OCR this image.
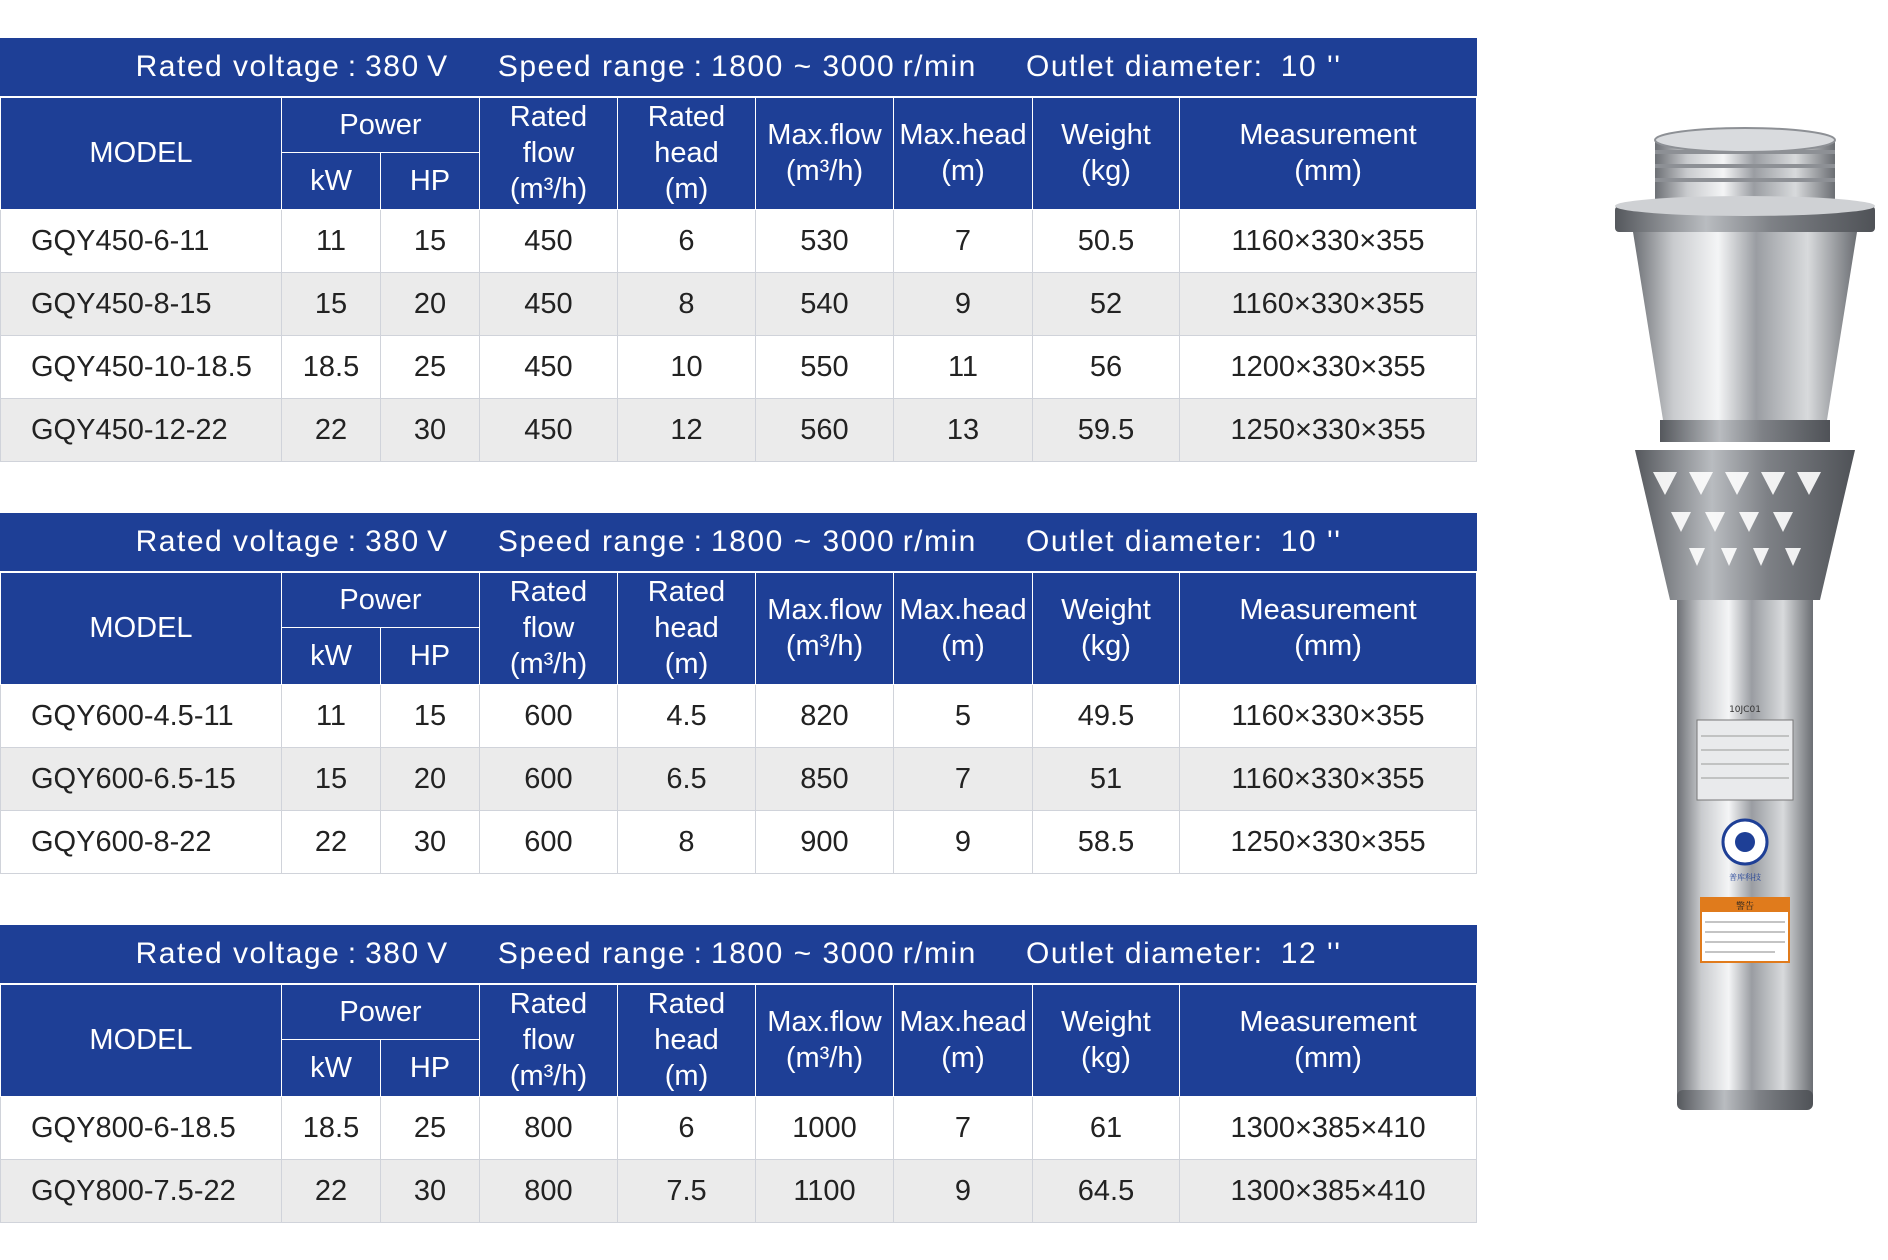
Rated voltage : 380 V     Speed range : 1800 ~ 3000 r/min     Outlet diameter:  10 ''								
MODEL	Power		Rated
flow
(m³/h)	Rated
head
(m)	Max.flow
(m³/h)	Max.head
(m)	Weight
(kg)	Measurement
(mm)
	kW	HP						
GQY450-6-11	11	15	450	6	530	7	50.5	1160×330×355
GQY450-8-15	15	20	450	8	540	9	52	1160×330×355
GQY450-10-18.5	18.5	25	450	10	550	11	56	1200×330×355
GQY450-12-22	22	30	450	12	560	13	59.5	1250×330×355
Rated voltage : 380 V     Speed range : 1800 ~ 3000 r/min     Outlet diameter:  10 ''								
MODEL	Power		Rated
flow
(m³/h)	Rated
head
(m)	Max.flow
(m³/h)	Max.head
(m)	Weight
(kg)	Measurement
(mm)
	kW	HP						
GQY600-4.5-11	11	15	600	4.5	820	5	49.5	1160×330×355
GQY600-6.5-15	15	20	600	6.5	850	7	51	1160×330×355
GQY600-8-22	22	30	600	8	900	9	58.5	1250×330×355
Rated voltage : 380 V     Speed range : 1800 ~ 3000 r/min     Outlet diameter:  12 ''								
MODEL	Power		Rated
flow
(m³/h)	Rated
head
(m)	Max.flow
(m³/h)	Max.head
(m)	Weight
(kg)	Measurement
(mm)
	kW	HP						
GQY800-6-18.5	18.5	25	800	6	1000	7	61	1300×385×410
GQY800-7.5-22	22	30	800	7.5	1100	9	64.5	1300×385×410
10JC01
普库科技
警告
